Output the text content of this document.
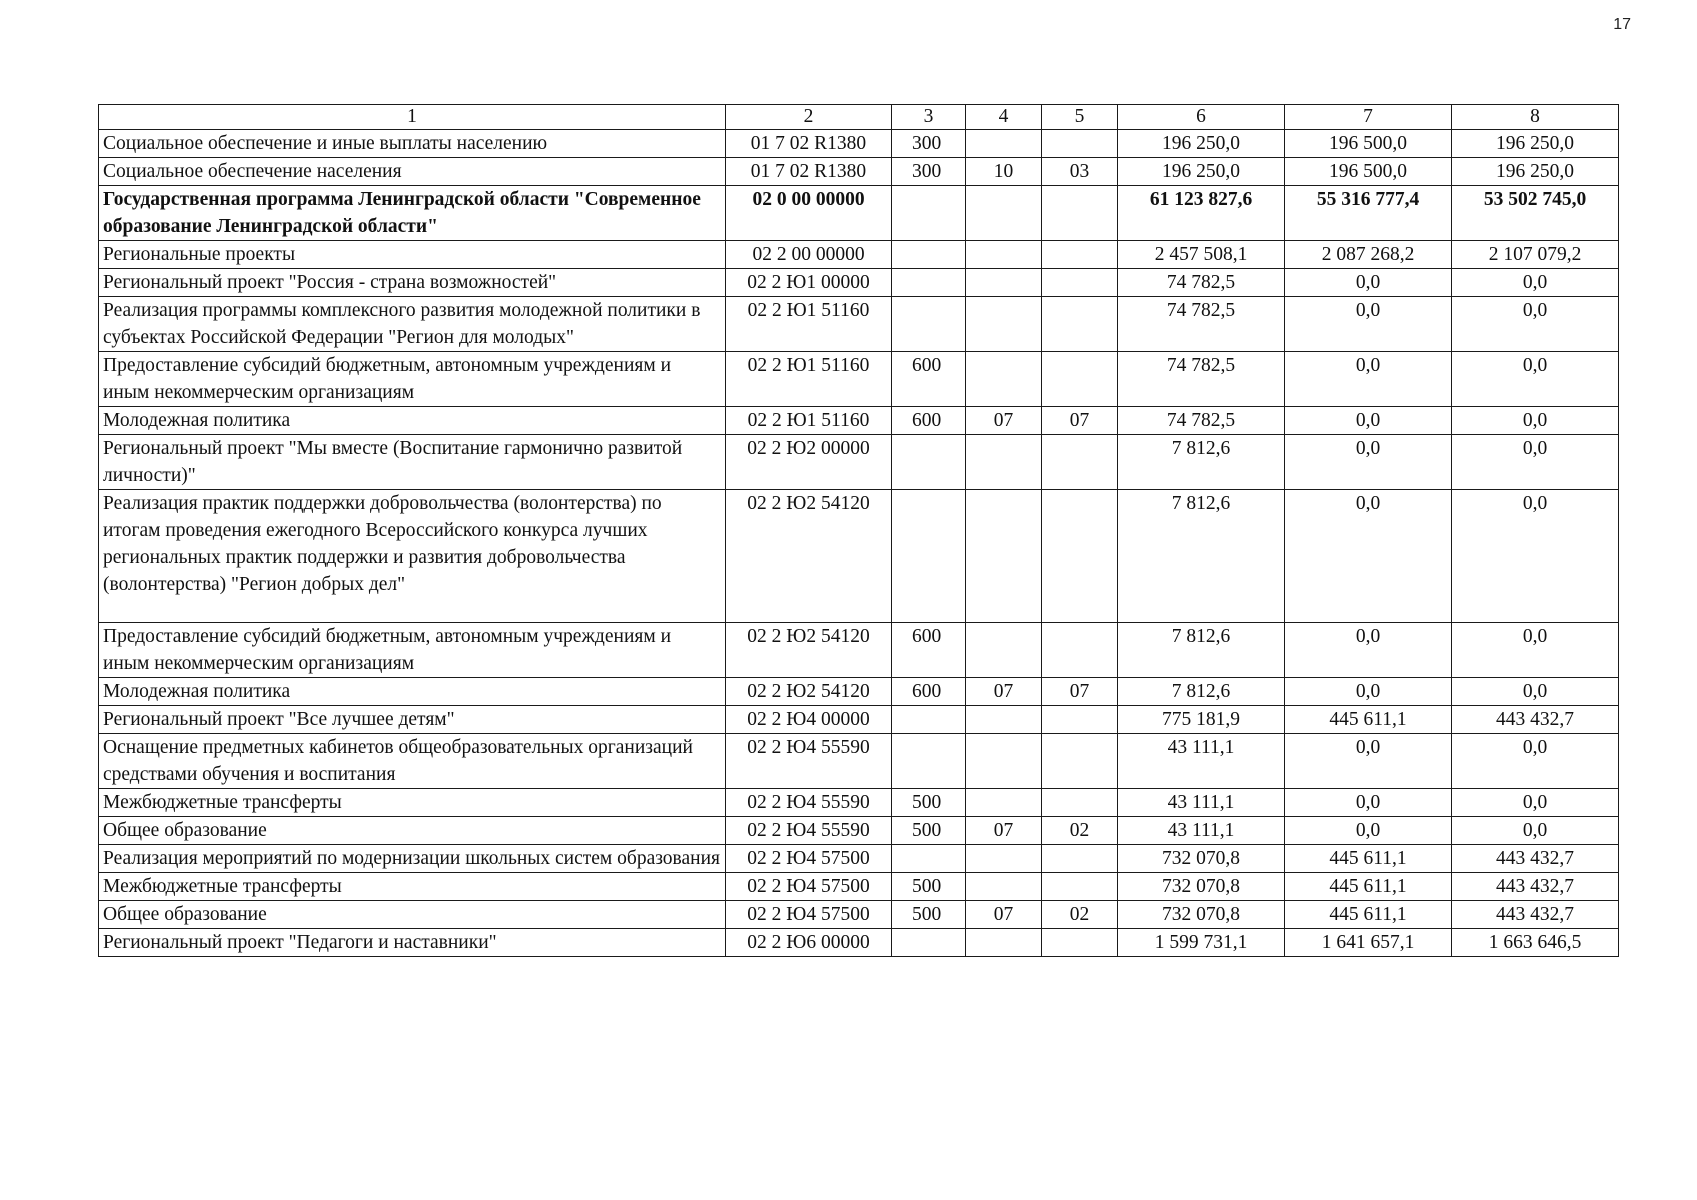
17
1	2	3	4	5	6	7	8
Социальное обеспечение и иные выплаты населению	01 7 02 R1380	300			196 250,0	196 500,0	196 250,0
Социальное обеспечение населения	01 7 02 R1380	300	10	03	196 250,0	196 500,0	196 250,0
Государственная программа Ленинградской области "Современное образование Ленинградской области"	02 0 00 00000				61 123 827,6	55 316 777,4	53 502 745,0
Региональные проекты	02 2 00 00000				2 457 508,1	2 087 268,2	2 107 079,2
Региональный проект "Россия - страна возможностей"	02 2 Ю1 00000				74 782,5	0,0	0,0
Реализация программы комплексного развития молодежной политики в субъектах Российской Федерации "Регион для молодых"	02 2 Ю1 51160				74 782,5	0,0	0,0
Предоставление субсидий бюджетным, автономным учреждениям и иным некоммерческим организациям	02 2 Ю1 51160	600			74 782,5	0,0	0,0
Молодежная политика	02 2 Ю1 51160	600	07	07	74 782,5	0,0	0,0
Региональный проект "Мы вместе (Воспитание гармонично развитой личности)"	02 2 Ю2 00000				7 812,6	0,0	0,0
Реализация практик поддержки добровольчества (волонтерства) по итогам проведения ежегодного Всероссийского конкурса лучших региональных практик поддержки и развития добровольчества (волонтерства) "Регион добрых дел"	02 2 Ю2 54120				7 812,6	0,0	0,0
Предоставление субсидий бюджетным, автономным учреждениям и иным некоммерческим организациям	02 2 Ю2 54120	600			7 812,6	0,0	0,0
Молодежная политика	02 2 Ю2 54120	600	07	07	7 812,6	0,0	0,0
Региональный проект "Все лучшее детям"	02 2 Ю4 00000				775 181,9	445 611,1	443 432,7
Оснащение предметных кабинетов общеобразовательных организаций средствами обучения и воспитания	02 2 Ю4 55590				43 111,1	0,0	0,0
Межбюджетные трансферты	02 2 Ю4 55590	500			43 111,1	0,0	0,0
Общее образование	02 2 Ю4 55590	500	07	02	43 111,1	0,0	0,0
Реализация мероприятий по модернизации школьных систем образования	02 2 Ю4 57500				732 070,8	445 611,1	443 432,7
Межбюджетные трансферты	02 2 Ю4 57500	500			732 070,8	445 611,1	443 432,7
Общее образование	02 2 Ю4 57500	500	07	02	732 070,8	445 611,1	443 432,7
Региональный проект "Педагоги и наставники"	02 2 Ю6 00000				1 599 731,1	1 641 657,1	1 663 646,5
